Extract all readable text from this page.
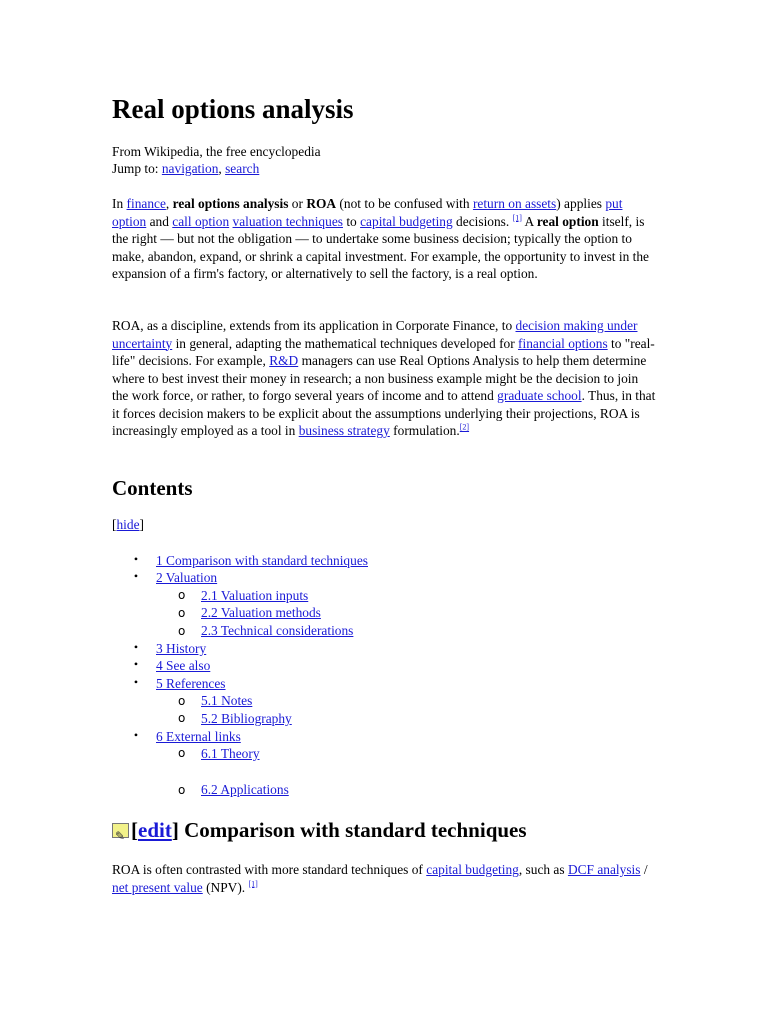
Real options analysis
From Wikipedia, the free encyclopedia
Jump to: navigation, search

In finance, real options analysis or ROA (not to be confused with return on assets) applies put option and call option valuation techniques to capital budgeting decisions. [1] A real option itself, is the right — but not the obligation — to undertake some business decision; typically the option to make, abandon, expand, or shrink a capital investment. For example, the opportunity to invest in the expansion of a firm's factory, or alternatively to sell the factory, is a real option.

ROA, as a discipline, extends from its application in Corporate Finance, to decision making under uncertainty in general, adapting the mathematical techniques developed for financial options to "real-life" decisions. For example, R&D managers can use Real Options Analysis to help them determine where to best invest their money in research; a non business example might be the decision to join the work force, or rather, to forgo several years of income and to attend graduate school. Thus, in that it forces decision makers to be explicit about the assumptions underlying their projections, ROA is increasingly employed as a tool in business strategy formulation.[2]

Contents
[hide]
• 1 Comparison with standard techniques
• 2 Valuation
o 2.1 Valuation inputs
o 2.2 Valuation methods
o 2.3 Technical considerations
• 3 History
• 4 See also
• 5 References
o 5.1 Notes
o 5.2 Bibliography
• 6 External links
o 6.1 Theory
o 6.2 Applications
✎ [edit] Comparison with standard techniques

ROA is often contrasted with more standard techniques of capital budgeting, such as DCF analysis / net present value (NPV). [1]
